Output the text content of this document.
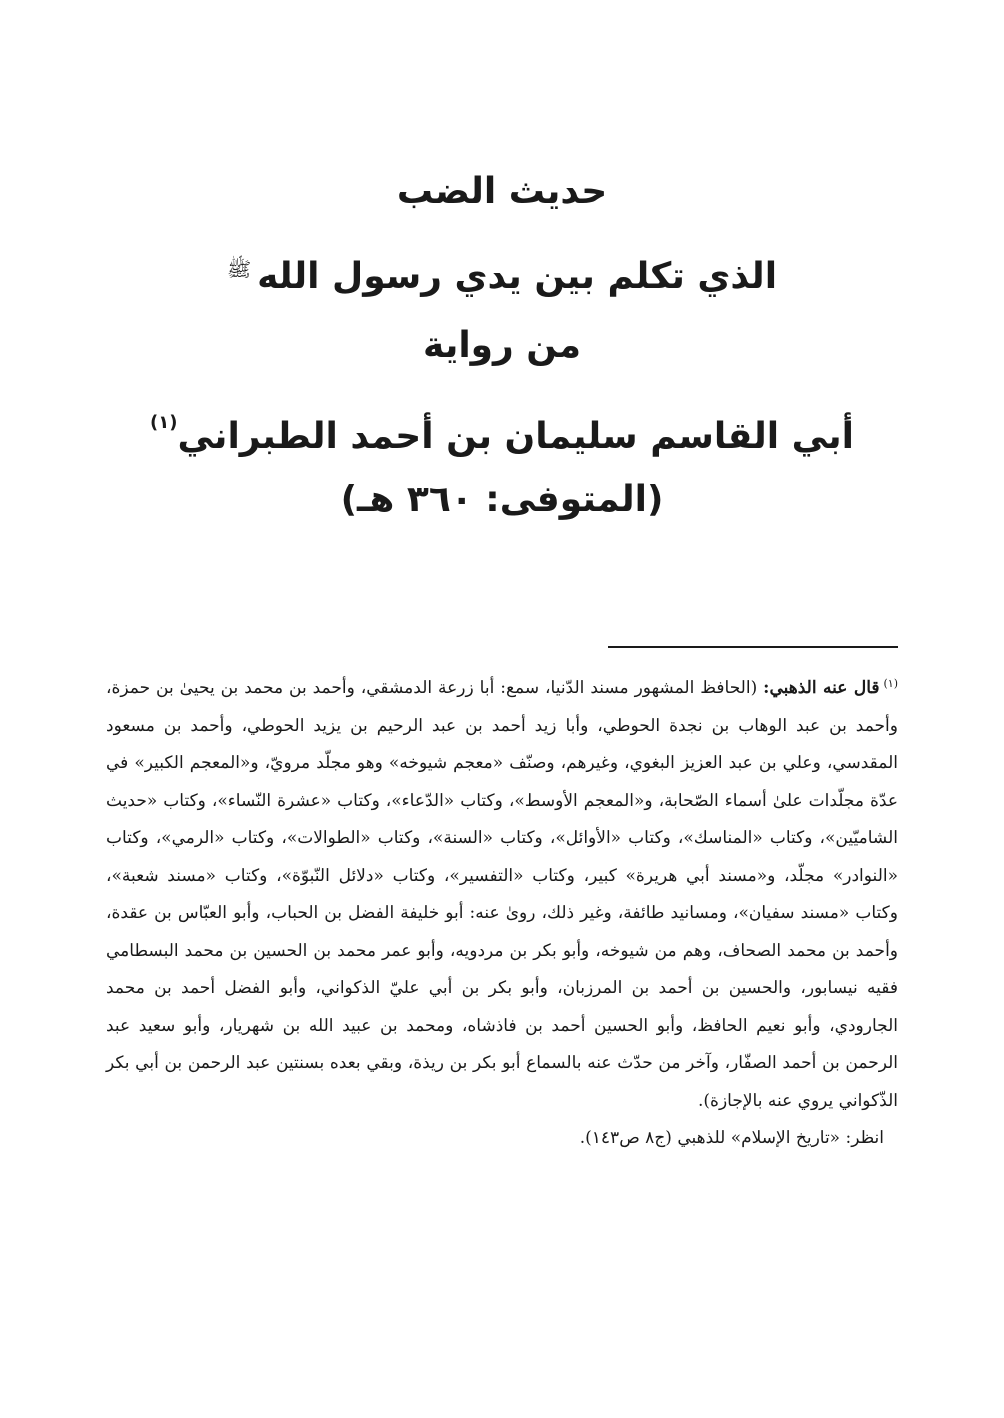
حديث الضب
الذي تكلم بين يدي رسول الله$^ﷺ$
من رواية
أبي القاسم سليمان بن أحمد الطبراني$^{(١)}$
(المتوفى: ٣٦٠ هـ)

$^{(١)}$قال عنه الذهبي: (الحافظ المشهور مسند الدّنيا، سمع: أبا زرعة الدمشقي، وأحمد بن محمد بن يحيىٰ بن حمزة، وأحمد بن عبد الوهاب بن نجدة الحوطي، وأبا زيد أحمد بن عبد الرحيم بن يزيد الحوطي، وأحمد بن مسعود المقدسي، وعلي بن عبد العزيز البغوي، وغيرهم، وصنّف «معجم شيوخه» وهو مجلّد مرويّ، و«المعجم الكبير» في عدّة مجلّدات علىٰ أسماء الصّحابة، و«المعجم الأوسط»، وكتاب «الدّعاء»، وكتاب «عشرة النّساء»، وكتاب «حديث الشاميّين»، وكتاب «المناسك»، وكتاب «الأوائل»، وكتاب «السنة»، وكتاب «الطوالات»، وكتاب «الرمي»، وكتاب «النوادر» مجلّد، و«مسند أبي هريرة» كبير، وكتاب «التفسير»، وكتاب «دلائل النّبوّة»، وكتاب «مسند شعبة»، وكتاب «مسند سفيان»، ومسانيد طائفة، وغير ذلك، روىٰ عنه: أبو خليفة الفضل بن الحباب، وأبو العبّاس بن عقدة، وأحمد بن محمد الصحاف، وهم من شيوخه، وأبو بكر بن مردويه، وأبو عمر محمد بن الحسين بن محمد البسطامي فقيه نيسابور، والحسين بن أحمد بن المرزبان، وأبو بكر بن أبي عليّ الذكواني، وأبو الفضل أحمد بن محمد الجارودي، وأبو نعيم الحافظ، وأبو الحسين أحمد بن فاذشاه، ومحمد بن عبيد الله بن شهريار، وأبو سعيد عبد الرحمن بن أحمد الصفّار، وآخر من حدّث عنه بالسماع أبو بكر بن ريذة، وبقي بعده بسنتين عبد الرحمن بن أبي بكر الذّكواني يروي عنه بالإجازة).

انظر: «تاريخ الإسلام» للذهبي (ج٨ ص١٤٣).
